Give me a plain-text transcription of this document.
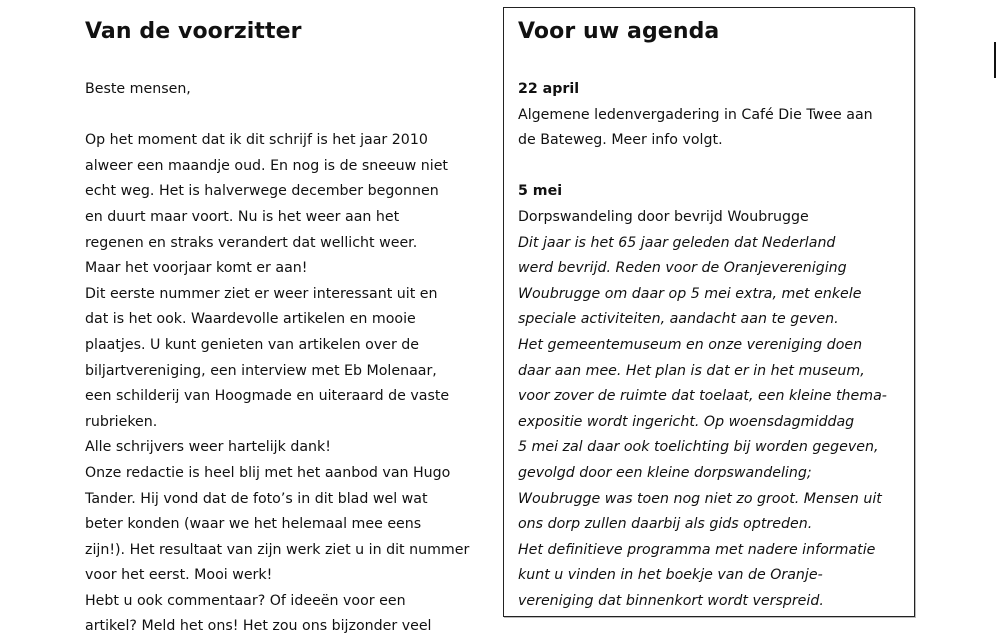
Van de voorzitter
Beste mensen,
Op het moment dat ik dit schrijf is het jaar 2010
alweer een maandje oud. En nog is de sneeuw niet
echt weg. Het is halverwege december begonnen
en duurt maar voort. Nu is het weer aan het
regenen en straks verandert dat wellicht weer.
Maar het voorjaar komt er aan!
Dit eerste nummer ziet er weer interessant uit en
dat is het ook. Waardevolle artikelen en mooie
plaatjes. U kunt genieten van artikelen over de
biljartvereniging, een interview met Eb Molenaar,
een schilderij van Hoogmade en uiteraard de vaste
rubrieken.
Alle schrijvers weer hartelijk dank!
Onze redactie is heel blij met het aanbod van Hugo
Tander. Hij vond dat de foto’s in dit blad wel wat
beter konden (waar we het helemaal mee eens
zijn!). Het resultaat van zijn werk ziet u in dit nummer
voor het eerst. Mooi werk!
Hebt u ook commentaar? Of ideeën voor een
artikel? Meld het ons! Het zou ons bijzonder veel
Voor uw agenda
22 april
Algemene ledenvergadering in Café Die Twee aan
de Bateweg. Meer info volgt.
5 mei
Dorpswandeling door bevrijd Woubrugge
Dit jaar is het 65 jaar geleden dat Nederland
werd bevrijd. Reden voor de Oranjevereniging
Woubrugge om daar op 5 mei extra, met enkele
speciale activiteiten, aandacht aan te geven.
Het gemeentemuseum en onze vereniging doen
daar aan mee. Het plan is dat er in het museum,
voor zover de ruimte dat toelaat, een kleine thema-
expositie wordt ingericht. Op woensdagmiddag
5 mei zal daar ook toelichting bij worden gegeven,
gevolgd door een kleine dorpswandeling;
Woubrugge was toen nog niet zo groot. Mensen uit
ons dorp zullen daarbij als gids optreden.
Het definitieve programma met nadere informatie
kunt u vinden in het boekje van de Oranje-
vereniging dat binnenkort wordt verspreid.
